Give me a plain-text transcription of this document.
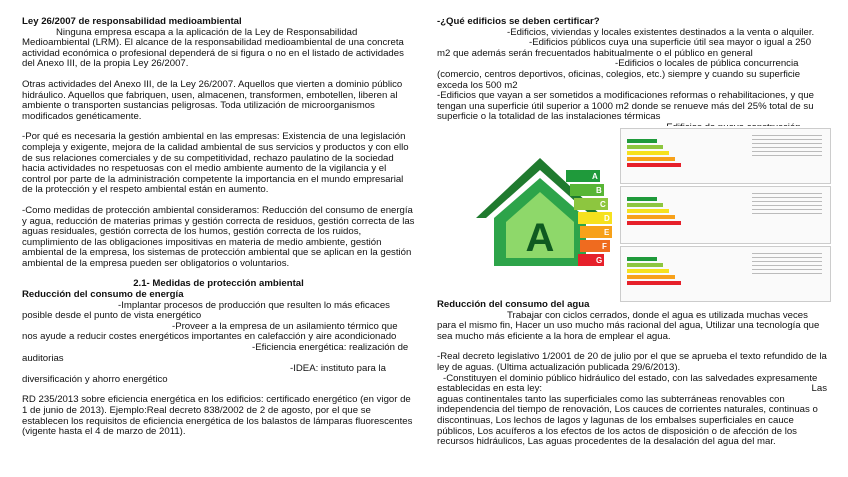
Ley 26/2007 de responsabilidad medioambiental

Ninguna empresa escapa a la aplicación de la Ley de Responsabilidad Medioambiental (LRM). El alcance de la responsabilidad medioambiental de una concreta actividad económica o profesional dependerá de si figura o no en el listado de actividades del Anexo III, de la propia Ley 26/2007.

Otras actividades del Anexo III, de la Ley 26/2007. Aquellos que vierten a dominio público hidráulico. Aquellos que fabriquen, usen, almacenen, transformen, embotellen, liberen al ambiente o transporten sustancias peligrosas. Toda utilización de microorganismos modificados genéticamente.

-Por qué es necesaria la gestión ambiental en las empresas: Existencia de una legislación compleja y exigente, mejora de la calidad ambiental de sus servicios y productos y con ello de sus relaciones comerciales y de su competitividad, rechazo paulatino de la sociedad hacia actividades no respetuosas con el medio ambiente aumento de la vigilancia y el control por parte de la administración competente la importancia en el mundo empresarial de la protección y el respeto ambiental están en aumento.

-Como medidas de protección ambiental consideramos: Reducción del consumo de energía y agua, reducción de materias primas y gestión correcta de residuos, gestión correcta de las aguas residuales, gestión correcta de los humos, gestión correcta de los ruidos, cumplimiento de las obligaciones impositivas en materia de medio ambiente, gestión ambiental de la empresa, los sistemas de protección ambiental que se aplican en la gestión ambiental de la empresa pueden ser obligatorios o voluntarios.

2.1- Medidas de protección ambiental

Reducción del consumo de energía

-Implantar procesos de producción que resulten lo más eficaces posible desde el punto de vista energético

-Proveer a la empresa de un asilamiento térmico que nos ayude a reducir costes energéticos importantes en calefacción y aire acondicionado

-Eficiencia energética: realización de auditorias

-IDEA: instituto para la diversificación y ahorro energético

RD 235/2013 sobre eficiencia energética en los edificios: certificado energético (en vigor de 1 de junio de 2013). Ejemplo:Real decreto 838/2002 de 2 de agosto, por el que se establecen los requisitos de eficiencia energética de los balastos de lámparas fluorescentes (vigente hasta el 4 de marzo de 2011).

-¿Qué edificios se deben certificar?

-Edificios, viviendas y locales existentes destinados a la venta o alquiler.

-Edificios públicos cuya una superficie útil sea mayor o igual a 250 m2 que además serán frecuentados habitualmente o el público en general

-Edificios o locales de pública concurrencia (comercio, centros deportivos, oficinas, colegios, etc.) siempre y cuando su superficie exceda los 500 m2

-Edificios que vayan a ser sometidos a modificaciones reformas o rehabilitaciones, y que tengan una superficie útil superior a 1000 m2 donde se renueve más del 25% total de su superficie o la totalidad de las instalaciones térmicas

A
A
B
C
D
E
F
G

Reducción del consumo del agua

Trabajar con ciclos cerrados, donde el agua es utilizada muchas veces para el mismo fin, Hacer un uso mucho más racional del agua, Utilizar una tecnología que sea mucho más eficiente a la hora de emplear el agua.

-Real decreto legislativo 1/2001 de 20 de julio por el que se aprueba el texto refundido de la ley de aguas. (Ultima actualización publicada 29/6/2013).

-Constituyen el dominio público hidráulico del estado, con las salvedades expresamente establecidas en esta ley:	Las

aguas continentales tanto las superficiales como las subterráneas renovables con independencia del tiempo de renovación, Los cauces de corrientes naturales, continuas o discontinuas, Los lechos de lagos y lagunas de los embalses superficiales en cauce públicos, Los acuíferos a los efectos de los actos de disposición o de afección de los recursos hidráulicos, Las aguas procedentes de la desalación del agua del mar.
